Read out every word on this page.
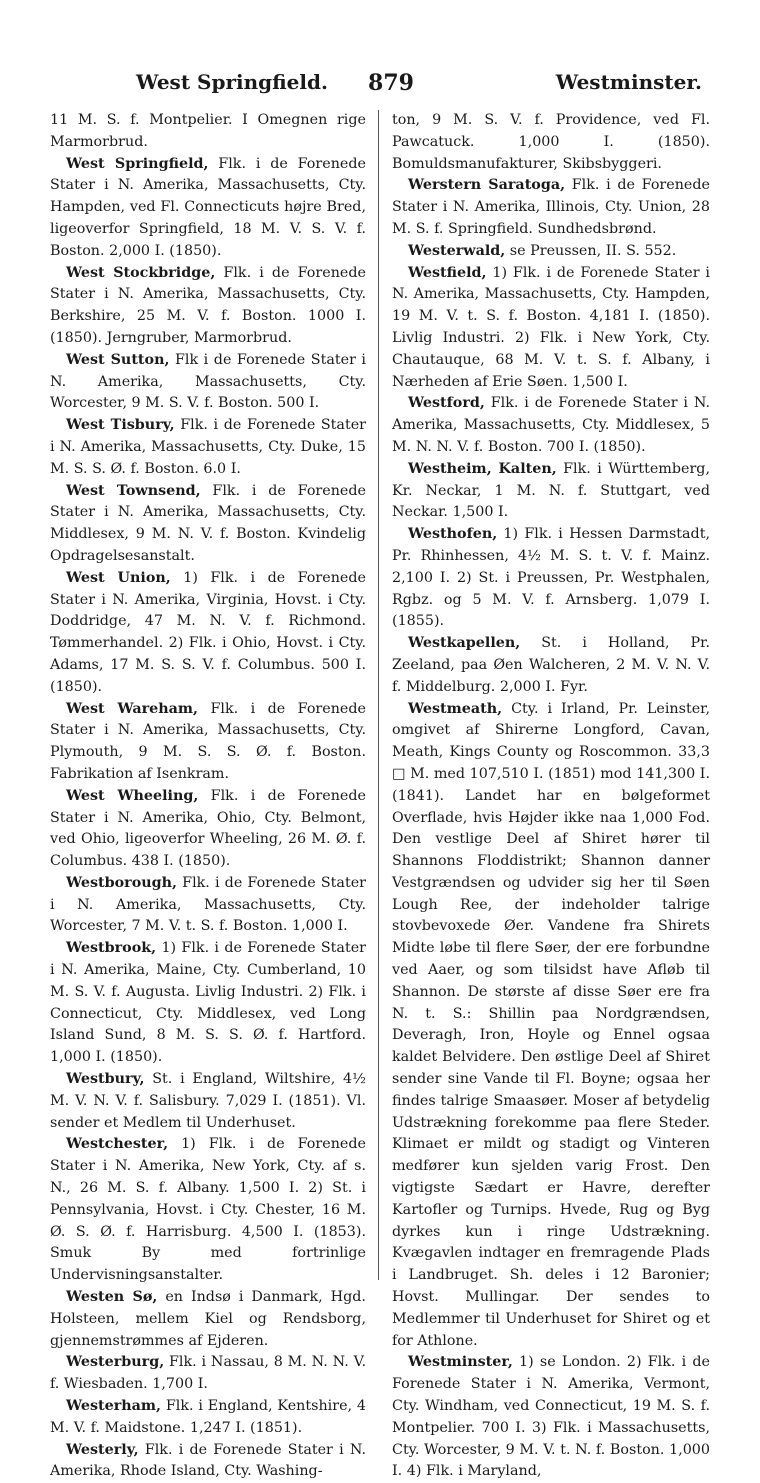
West Springfield.	879	Westminster.

11 M. S. f. Montpelier. I Omegnen rige Marmorbrud.

West Springfield, Flk. i de Forenede Stater i N. Amerika, Massachusetts, Cty. Hampden, ved Fl. Connecticuts højre Bred, ligeoverfor Springfield, 18 M. V. S. V. f. Boston. 2,000 I. (1850).

West Stockbridge, Flk. i de Forenede Stater i N. Amerika, Massachusetts, Cty. Berkshire, 25 M. V. f. Boston. 1000 I. (1850). Jerngruber, Marmorbrud.

West Sutton, Flk i de Forenede Stater i N. Amerika, Massachusetts, Cty. Worcester, 9 M. S. V. f. Boston. 500 I.

West Tisbury, Flk. i de Forenede Stater i N. Amerika, Massachusetts, Cty. Duke, 15 M. S. S. Ø. f. Boston. 6.0 I.

West Townsend, Flk. i de Forenede Stater i N. Amerika, Massachusetts, Cty. Middlesex, 9 M. N. V. f. Boston. Kvindelig Opdragelsesanstalt.

West Union, 1) Flk. i de Forenede Stater i N. Amerika, Virginia, Hovst. i Cty. Doddridge, 47 M. N. V. f. Richmond. Tømmerhandel. 2) Flk. i Ohio, Hovst. i Cty. Adams, 17 M. S. S. V. f. Columbus. 500 I. (1850).

West Wareham, Flk. i de Forenede Stater i N. Amerika, Massachusetts, Cty. Plymouth, 9 M. S. S. Ø. f. Boston. Fabrikation af Isenkram.

West Wheeling, Flk. i de Forenede Stater i N. Amerika, Ohio, Cty. Belmont, ved Ohio, ligeoverfor Wheeling, 26 M. Ø. f. Columbus. 438 I. (1850).

Westborough, Flk. i de Forenede Stater i N. Amerika, Massachusetts, Cty. Worcester, 7 M. V. t. S. f. Boston. 1,000 I.

Westbrook, 1) Flk. i de Forenede Stater i N. Amerika, Maine, Cty. Cumberland, 10 M. S. V. f. Augusta. Livlig Industri. 2) Flk. i Connecticut, Cty. Middlesex, ved Long Island Sund, 8 M. S. S. Ø. f. Hartford. 1,000 I. (1850).

Westbury, St. i England, Wiltshire, 4½ M. V. N. V. f. Salisbury. 7,029 I. (1851). Vl. sender et Medlem til Underhuset.

Westchester, 1) Flk. i de Forenede Stater i N. Amerika, New York, Cty. af s. N., 26 M. S. f. Albany. 1,500 I. 2) St. i Pennsylvania, Hovst. i Cty. Chester, 16 M. Ø. S. Ø. f. Harrisburg. 4,500 I. (1853). Smuk By med fortrinlige Undervisningsanstalter.

Westen Sø, en Indsø i Danmark, Hgd. Holsteen, mellem Kiel og Rendsborg, gjennemstrømmes af Ejderen.

Westerburg, Flk. i Nassau, 8 M. N. N. V. f. Wiesbaden. 1,700 I.

Westerham, Flk. i England, Kentshire, 4 M. V. f. Maidstone. 1,247 I. (1851).

Westerly, Flk. i de Forenede Stater i N. Amerika, Rhode Island, Cty. Washing-

ton, 9 M. S. V. f. Providence, ved Fl. Pawcatuck. 1,000 I. (1850). Bomuldsmanufakturer, Skibsbyggeri.

Werstern Saratoga, Flk. i de Forenede Stater i N. Amerika, Illinois, Cty. Union, 28 M. S. f. Springfield. Sundhedsbrønd.

Westerwald, se Preussen, II. S. 552.

Westfield, 1) Flk. i de Forenede Stater i N. Amerika, Massachusetts, Cty. Hampden, 19 M. V. t. S. f. Boston. 4,181 I. (1850). Livlig Industri. 2) Flk. i New York, Cty. Chautauque, 68 M. V. t. S. f. Albany, i Nærheden af Erie Søen. 1,500 I.

Westford, Flk. i de Forenede Stater i N. Amerika, Massachusetts, Cty. Middlesex, 5 M. N. N. V. f. Boston. 700 I. (1850).

Westheim, Kalten, Flk. i Württemberg, Kr. Neckar, 1 M. N. f. Stuttgart, ved Neckar. 1,500 I.

Westhofen, 1) Flk. i Hessen Darmstadt, Pr. Rhinhessen, 4½ M. S. t. V. f. Mainz. 2,100 I. 2) St. i Preussen, Pr. Westphalen, Rgbz. og 5 M. V. f. Arnsberg. 1,079 I. (1855).

Westkapellen, St. i Holland, Pr. Zeeland, paa Øen Walcheren, 2 M. V. N. V. f. Middelburg. 2,000 I. Fyr.

Westmeath, Cty. i Irland, Pr. Leinster, omgivet af Shirerne Longford, Cavan, Meath, Kings County og Roscommon. 33,3 □ M. med 107,510 I. (1851) mod 141,300 I. (1841). Landet har en bølgeformet Overflade, hvis Højder ikke naa 1,000 Fod. Den vestlige Deel af Shiret hører til Shannons Floddistrikt; Shannon danner Vestgrændsen og udvider sig her til Søen Lough Ree, der indeholder talrige stovbevoxede Øer. Vandene fra Shirets Midte løbe til flere Søer, der ere forbundne ved Aaer, og som tilsidst have Afløb til Shannon. De største af disse Søer ere fra N. t. S.: Shillin paa Nordgrændsen, Deveragh, Iron, Hoyle og Ennel ogsaa kaldet Belvidere. Den østlige Deel af Shiret sender sine Vande til Fl. Boyne; ogsaa her findes talrige Smaasøer. Moser af betydelig Udstrækning forekomme paa flere Steder. Klimaet er mildt og stadigt og Vinteren medfører kun sjelden varig Frost. Den vigtigste Sædart er Havre, derefter Kartofler og Turnips. Hvede, Rug og Byg dyrkes kun i ringe Udstrækning. Kvægavlen indtager en fremragende Plads i Landbruget. Sh. deles i 12 Baronier; Hovst. Mullingar. Der sendes to Medlemmer til Underhuset for Shiret og et for Athlone.

Westminster, 1) se London. 2) Flk. i de Forenede Stater i N. Amerika, Vermont, Cty. Windham, ved Connecticut, 19 M. S. f. Montpelier. 700 I. 3) Flk. i Massachusetts, Cty. Worcester, 9 M. V. t. N. f. Boston. 1,000 I. 4) Flk. i Maryland,
